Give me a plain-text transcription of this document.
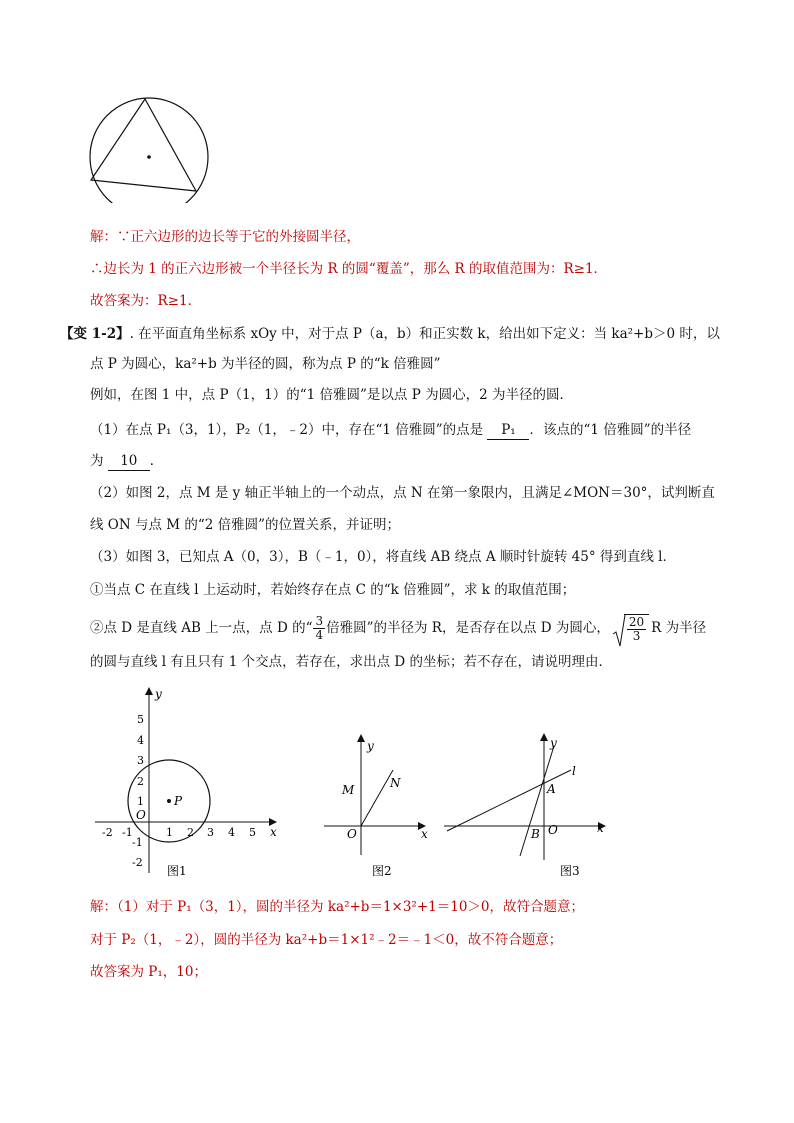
解：∵正六边形的边长等于它的外接圆半径，
∴边长为 1 的正六边形被一个半径长为 R 的圆“覆盖”，那么 R 的取值范围为：R≥1．
故答案为：R≥1．
【变 1-2】. 在平面直角坐标系 xOy 中，对于点 P（a，b）和正实数 k，给出如下定义：当 ka²+b＞0 时，以
点 P 为圆心，ka²+b 为半径的圆，称为点 P 的“k 倍雅圆”
例如，在图 1 中，点 P（1，1）的“1 倍雅圆”是以点 P 为圆心，2 为半径的圆．
（1）在点 P₁（3，1），P₂（1，﹣2）中，存在“1 倍雅圆”的点是 P₁ ．该点的“1 倍雅圆”的半径
为 10 ．
（2）如图 2，点 M 是 y 轴正半轴上的一个动点，点 N 在第一象限内，且满足∠MON＝30°，试判断直
线 ON 与点 M 的“2 倍雅圆”的位置关系，并证明；
（3）如图 3，已知点 A（0，3），B（﹣1，0），将直线 AB 绕点 A 顺时针旋转 45° 得到直线 l．
①当点 C 在直线 l 上运动时，若始终存在点 C 的“k 倍雅圆”，求 k 的取值范围；
②点 D 是直线 AB 上一点，点 D 的“ $\frac{3}{4}$ 倍雅圆”的半径为 R，是否存在以点 D 为圆心， $\frac{20}{3}$ R 为半径
的圆与直线 l 有且只有 1 个交点，若存在，求出点 D 的坐标；若不存在，请说明理由．
P
y
x
O
-2 -1	1 2 3 4 5
5
4
3
2
1
-1
-2
图1
y
x
O
M	N
图2
y
x
l
A
B O
图3
解：（1）对于 P₁（3，1），圆的半径为 ka²+b＝1×3²+1＝10＞0，故符合题意；
对于 P₂（1，﹣2），圆的半径为 ka²+b＝1×1²﹣2＝﹣1＜0，故不符合题意；
故答案为 P₁，10；
